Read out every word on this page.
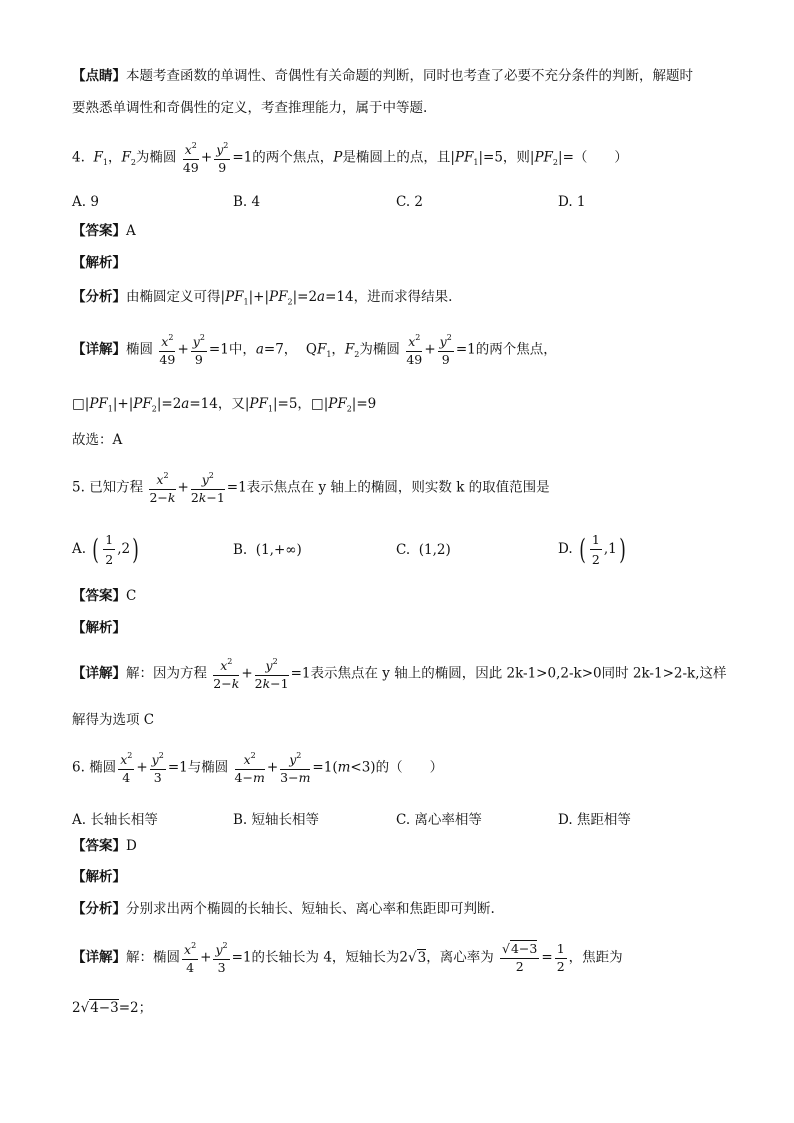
【点睛】本题考查函数的单调性、奇偶性有关命题的判断，同时也考查了必要不充分条件的判断，解题时
要熟悉单调性和奇偶性的定义，考查推理能力，属于中等题.
4. $F_1$，$F_2$为椭圆 $\frac{x^2}{49} + \frac{y^2}{9} =1$的两个焦点，P是椭圆上的点，且$|PF_1|=5$，则$|PF_2|=$（　　）
A. 9	B. 4	C. 2	D. 1
【答案】A
【解析】
【分析】由椭圆定义可得$|PF_1|+|PF_2|=2a=14$，进而求得结果.
【详解】椭圆 $\frac{x^2}{49} + \frac{y^2}{9} =1$中，a=7，  $QF_1$，$F_2$为椭圆 $\frac{x^2}{49} + \frac{y^2}{9} =1$的两个焦点，
$□|PF_1|+|PF_2|=2a=14$，又$|PF_1|=5$，$□|PF_2|=9$
故选：A
5. 已知方程 $\frac{x^2}{2-k} + \frac{y^2}{2k-1} =1$表示焦点在 y 轴上的椭圆，则实数 k 的取值范围是
A. ( $\frac{1}{2} ,2$)	B.  (1,+∞)	C.  (1,2)	D. ( $\frac{1}{2} ,1$)
【答案】C
【解析】
【详解】解：因为方程 $\frac{x^2}{2-k} + \frac{y^2}{2k-1} =1$表示焦点在 y 轴上的椭圆，因此 2k-1>0,2-k>0同时 2k-1>2-k,这样
解得为选项 C
6. 椭圆 $\frac{x^2}{4} + \frac{y^2}{3} =1$与椭圆 $\frac{x^2}{4-m} + \frac{y^2}{3-m} =1(m<3)$的（　　）
A. 长轴长相等	B. 短轴长相等	C. 离心率相等	D. 焦距相等
【答案】D
【解析】
【分析】分别求出两个椭圆的长轴长、短轴长、离心率和焦距即可判断.
【详解】解：椭圆 $\frac{x^2}{4} + \frac{y^2}{3} =1$的长轴长为 4，短轴长为2√3，离心率为 $\frac{√4-3}{2} = \frac{1}{2}$ ，焦距为
2√4−3=2；
